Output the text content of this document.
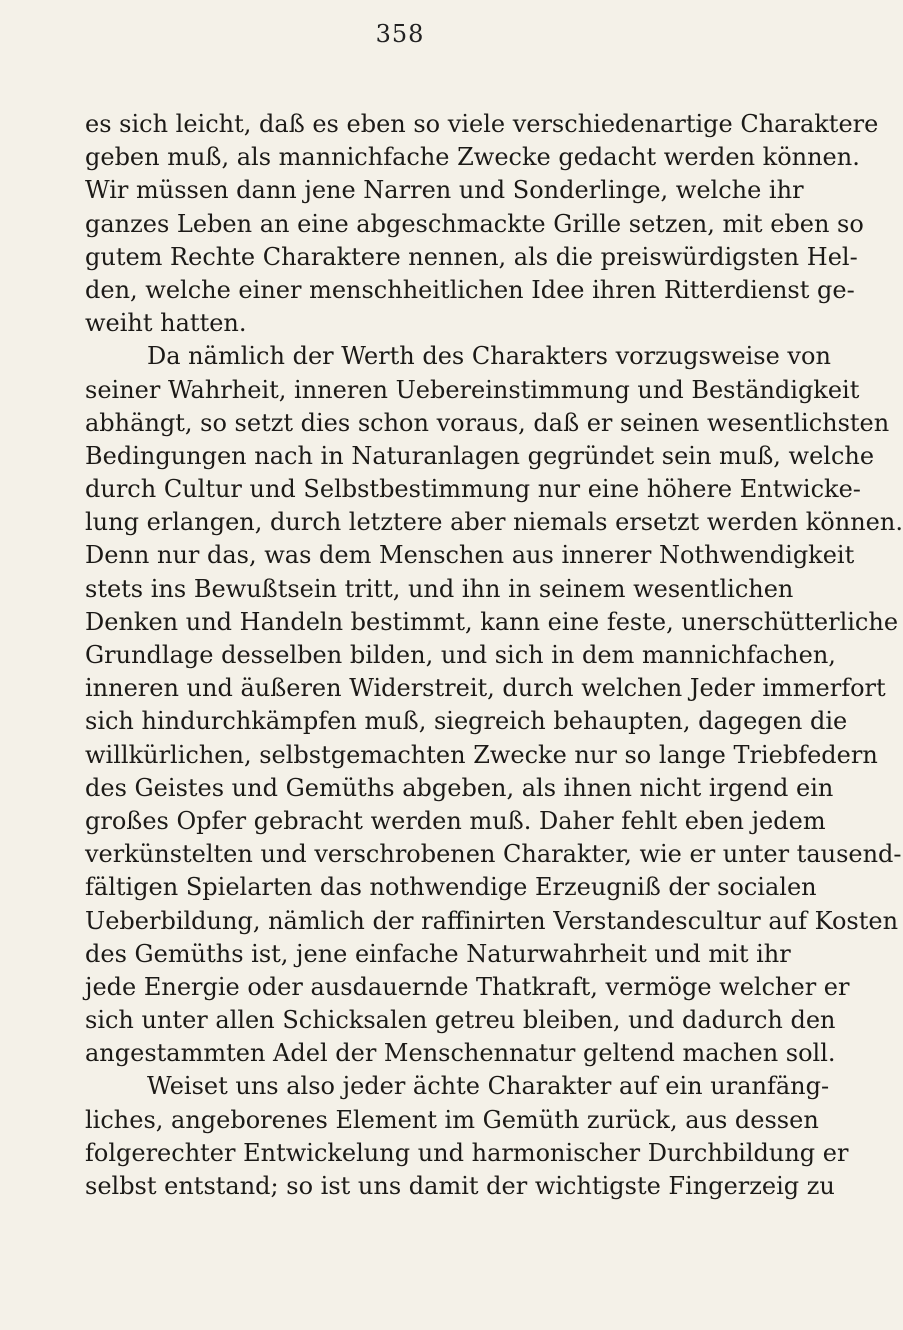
358
es sich leicht, daß es eben so viele verschiedenartige Charaktere
geben muß, als mannichfache Zwecke gedacht werden können.
Wir müssen dann jene Narren und Sonderlinge, welche ihr
ganzes Leben an eine abgeschmackte Grille setzen, mit eben so
gutem Rechte Charaktere nennen, als die preiswürdigsten Hel-
den, welche einer menschheitlichen Idee ihren Ritterdienst ge-
weiht hatten.
Da nämlich der Werth des Charakters vorzugsweise von
seiner Wahrheit, inneren Uebereinstimmung und Beständigkeit
abhängt, so setzt dies schon voraus, daß er seinen wesentlichsten
Bedingungen nach in Naturanlagen gegründet sein muß, welche
durch Cultur und Selbstbestimmung nur eine höhere Entwicke-
lung erlangen, durch letztere aber niemals ersetzt werden können.
Denn nur das, was dem Menschen aus innerer Nothwendigkeit
stets ins Bewußtsein tritt, und ihn in seinem wesentlichen
Denken und Handeln bestimmt, kann eine feste, unerschütterliche
Grundlage desselben bilden, und sich in dem mannichfachen,
inneren und äußeren Widerstreit, durch welchen Jeder immerfort
sich hindurchkämpfen muß, siegreich behaupten, dagegen die
willkürlichen, selbstgemachten Zwecke nur so lange Triebfedern
des Geistes und Gemüths abgeben, als ihnen nicht irgend ein
großes Opfer gebracht werden muß. Daher fehlt eben jedem
verkünstelten und verschrobenen Charakter, wie er unter tausend-
fältigen Spielarten das nothwendige Erzeugniß der socialen
Ueberbildung, nämlich der raffinirten Verstandescultur auf Kosten
des Gemüths ist, jene einfache Naturwahrheit und mit ihr
jede Energie oder ausdauernde Thatkraft, vermöge welcher er
sich unter allen Schicksalen getreu bleiben, und dadurch den
angestammten Adel der Menschennatur geltend machen soll.
Weiset uns also jeder ächte Charakter auf ein uranfäng-
liches, angeborenes Element im Gemüth zurück, aus dessen
folgerechter Entwickelung und harmonischer Durchbildung er
selbst entstand; so ist uns damit der wichtigste Fingerzeig zu
